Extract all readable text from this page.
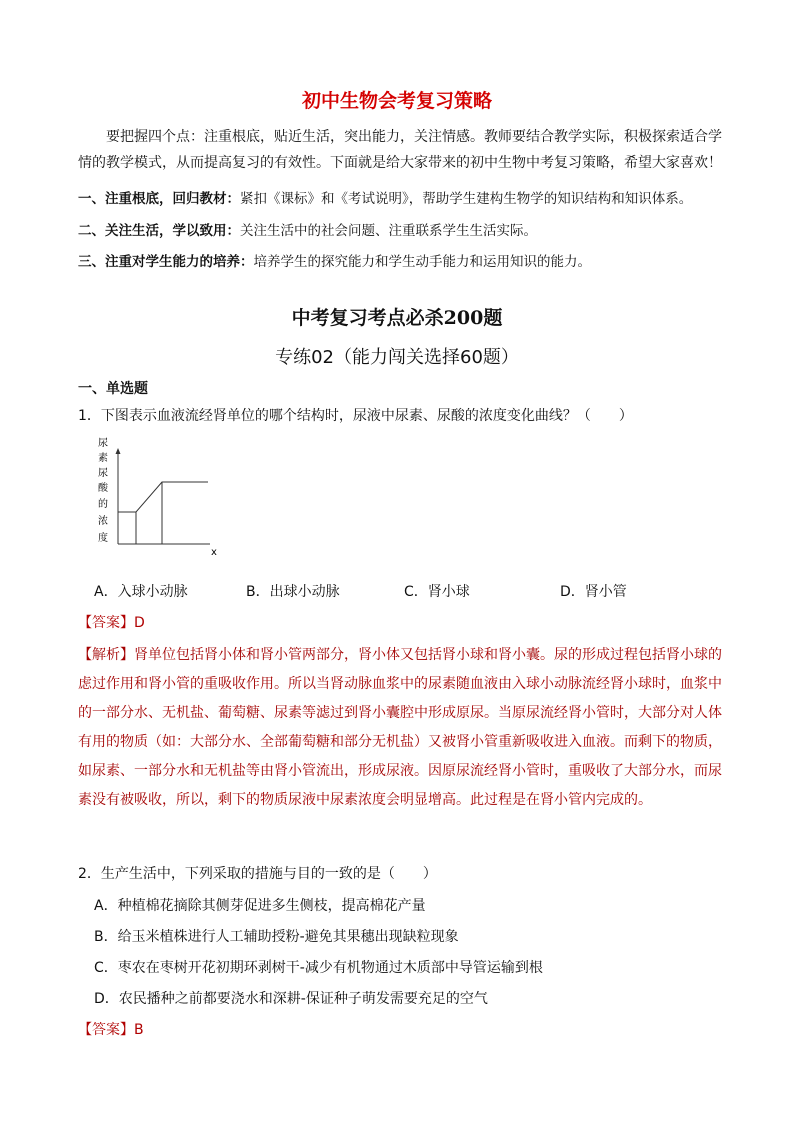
初中生物会考复习策略
要把握四个点：注重根底，贴近生活，突出能力，关注情感。教师要结合教学实际，积极探索适合学情的教学模式，从而提高复习的有效性。下面就是给大家带来的初中生物中考复习策略，希望大家喜欢！
一、注重根底，回归教材：紧扣《课标》和《考试说明》，帮助学生建构生物学的知识结构和知识体系。
二、关注生活，学以致用：关注生活中的社会问题、注重联系学生生活实际。
三、注重对学生能力的培养：培养学生的探究能力和学生动手能力和运用知识的能力。
中考复习考点必杀200题
专练02（能力闯关选择60题）
一、单选题
1．下图表示血液流经肾单位的哪个结构时，尿液中尿素、尿酸的浓度变化曲线？（　　）
尿
素
尿
酸
的
浓
度
x
A．入球小动脉	B．出球小动脉	C．肾小球	D．肾小管
【答案】D
【解析】肾单位包括肾小体和肾小管两部分，肾小体又包括肾小球和肾小囊。尿的形成过程包括肾小球的虑过作用和肾小管的重吸收作用。所以当肾动脉血浆中的尿素随血液由入球小动脉流经肾小球时，血浆中的一部分水、无机盐、葡萄糖、尿素等滤过到肾小囊腔中形成原尿。当原尿流经肾小管时，大部分对人体有用的物质（如：大部分水、全部葡萄糖和部分无机盐）又被肾小管重新吸收进入血液。而剩下的物质，如尿素、一部分水和无机盐等由肾小管流出，形成尿液。因原尿流经肾小管时，重吸收了大部分水，而尿素没有被吸收，所以，剩下的物质尿液中尿素浓度会明显增高。此过程是在肾小管内完成的。
2．生产生活中，下列采取的措施与目的一致的是（　　）
A．种植棉花摘除其侧芽促进多生侧枝，提高棉花产量
B．给玉米植株进行人工辅助授粉-避免其果穗出现缺粒现象
C．枣农在枣树开花初期环剥树干-减少有机物通过木质部中导管运输到根
D．农民播种之前都要浇水和深耕-保证种子萌发需要充足的空气
【答案】B
